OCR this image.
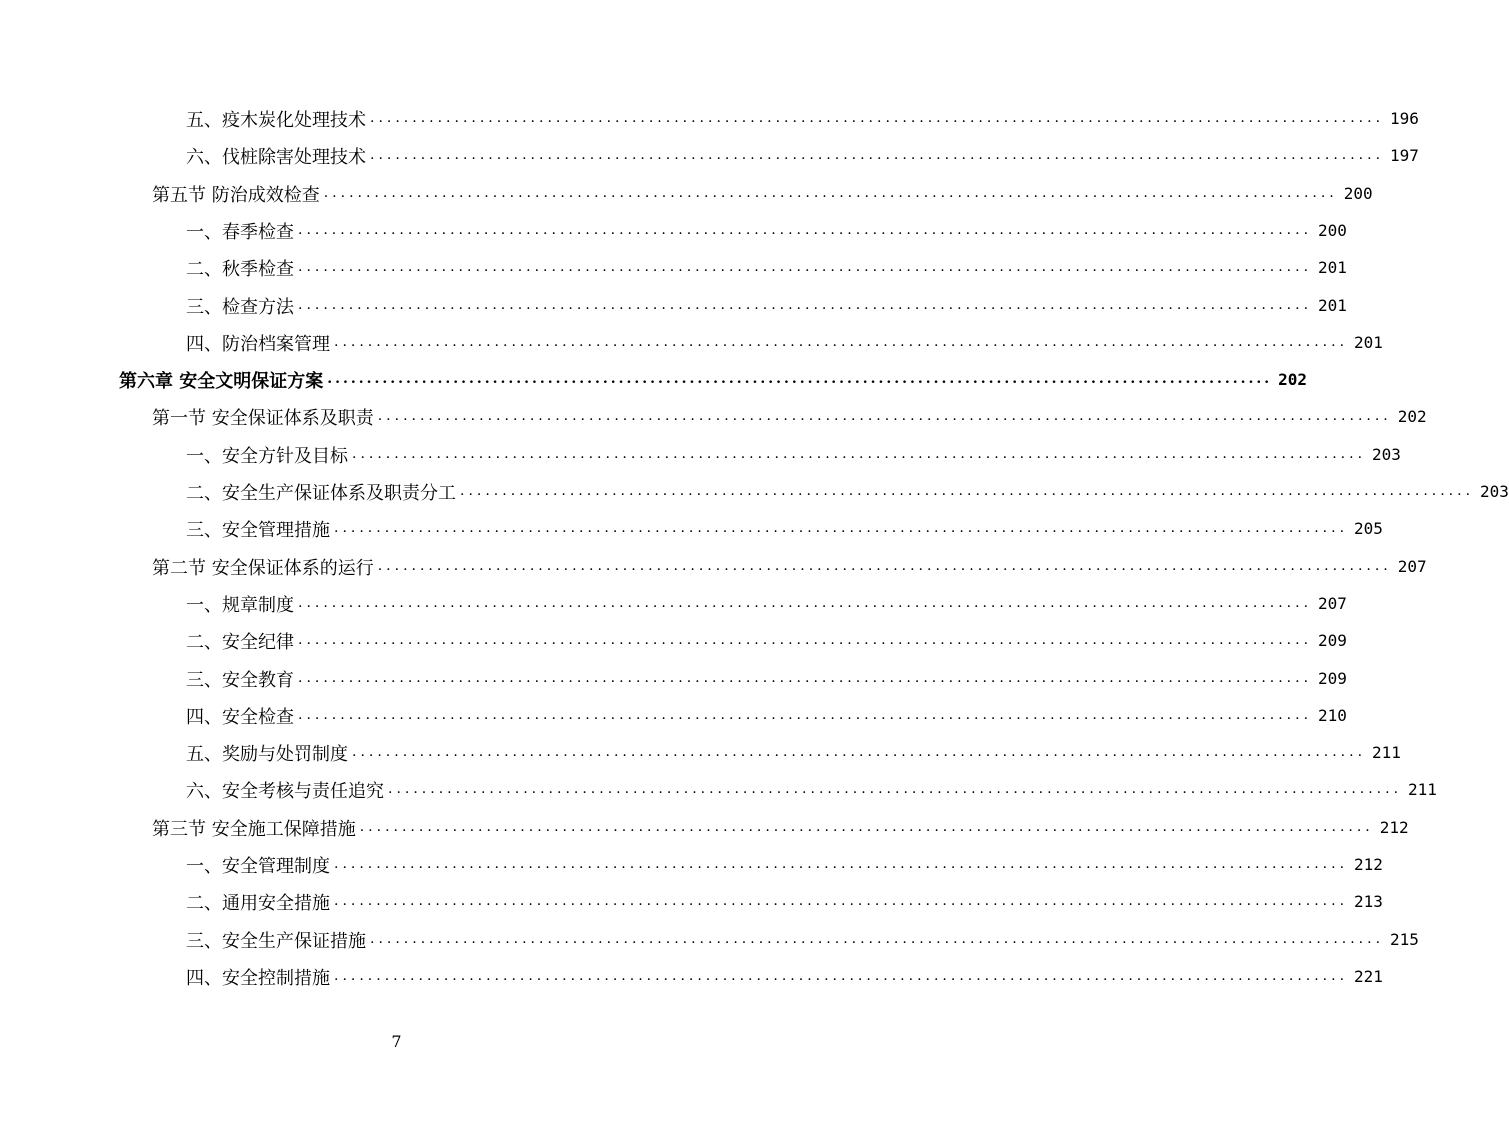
五、疫木炭化处理技术 ........................................................................................................................ 196
六、伐桩除害处理技术 ........................................................................................................................ 197
第五节 防治成效检查 ........................................................................................................................ 200
一、春季检查 ........................................................................................................................ 200
二、秋季检查 ........................................................................................................................ 201
三、检查方法 ........................................................................................................................ 201
四、防治档案管理 ........................................................................................................................ 201
第六章 安全文明保证方案 ........................................................................................................................ 202
第一节 安全保证体系及职责 ........................................................................................................................ 202
一、安全方针及目标 ........................................................................................................................ 203
二、安全生产保证体系及职责分工 ........................................................................................................................ 203
三、安全管理措施 ........................................................................................................................ 205
第二节 安全保证体系的运行 ........................................................................................................................ 207
一、规章制度 ........................................................................................................................ 207
二、安全纪律 ........................................................................................................................ 209
三、安全教育 ........................................................................................................................ 209
四、安全检查 ........................................................................................................................ 210
五、奖励与处罚制度 ........................................................................................................................ 211
六、安全考核与责任追究 ........................................................................................................................ 211
第三节 安全施工保障措施 ........................................................................................................................ 212
一、安全管理制度 ........................................................................................................................ 212
二、通用安全措施 ........................................................................................................................ 213
三、安全生产保证措施 ........................................................................................................................ 215
四、安全控制措施 ........................................................................................................................ 221
7
